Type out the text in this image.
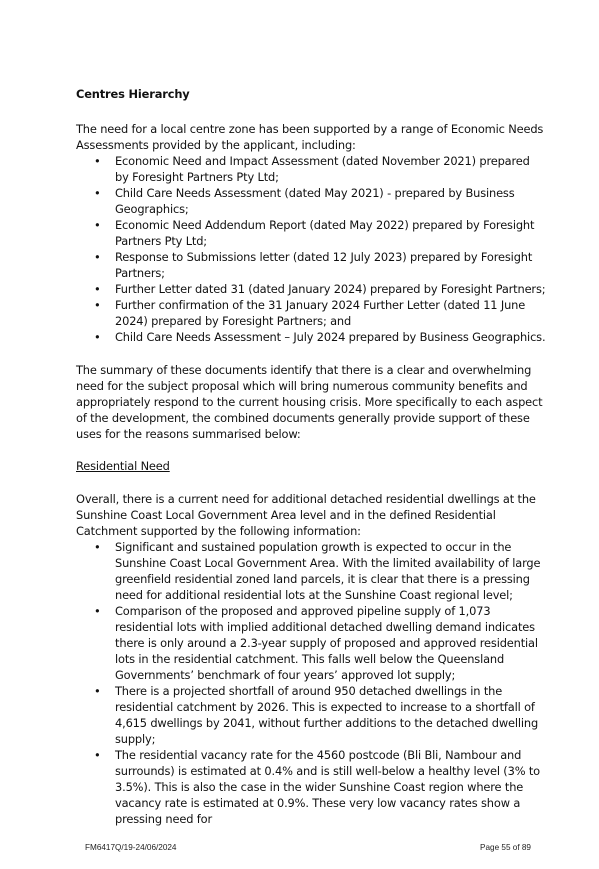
Centres Hierarchy

The need for a local centre zone has been supported by a range of Economic Needs Assessments provided by the applicant, including:

• Economic Need and Impact Assessment (dated November 2021) prepared by Foresight Partners Pty Ltd;
• Child Care Needs Assessment (dated May 2021) - prepared by Business Geographics;
• Economic Need Addendum Report (dated May 2022) prepared by Foresight Partners Pty Ltd;
• Response to Submissions letter (dated 12 July 2023) prepared by Foresight Partners;
• Further Letter dated 31 (dated January 2024) prepared by Foresight Partners;
• Further confirmation of the 31 January 2024 Further Letter (dated 11 June 2024) prepared by Foresight Partners; and
• Child Care Needs Assessment – July 2024 prepared by Business Geographics.

The summary of these documents identify that there is a clear and overwhelming need for the subject proposal which will bring numerous community benefits and appropriately respond to the current housing crisis. More specifically to each aspect of the development, the combined documents generally provide support of these uses for the reasons summarised below:

Residential Need

Overall, there is a current need for additional detached residential dwellings at the Sunshine Coast Local Government Area level and in the defined Residential Catchment supported by the following information:

• Significant and sustained population growth is expected to occur in the Sunshine Coast Local Government Area. With the limited availability of large greenfield residential zoned land parcels, it is clear that there is a pressing need for additional residential lots at the Sunshine Coast regional level;
• Comparison of the proposed and approved pipeline supply of 1,073 residential lots with implied additional detached dwelling demand indicates there is only around a 2.3-year supply of proposed and approved residential lots in the residential catchment. This falls well below the Queensland Governments’ benchmark of four years’ approved lot supply;
• There is a projected shortfall of around 950 detached dwellings in the residential catchment by 2026. This is expected to increase to a shortfall of 4,615 dwellings by 2041, without further additions to the detached dwelling supply;
• The residential vacancy rate for the 4560 postcode (Bli Bli, Nambour and surrounds) is estimated at 0.4% and is still well-below a healthy level (3% to 3.5%). This is also the case in the wider Sunshine Coast region where the vacancy rate is estimated at 0.9%. These very low vacancy rates show a pressing need for
FM6417Q/19-24/06/2024	Page 55 of 89
